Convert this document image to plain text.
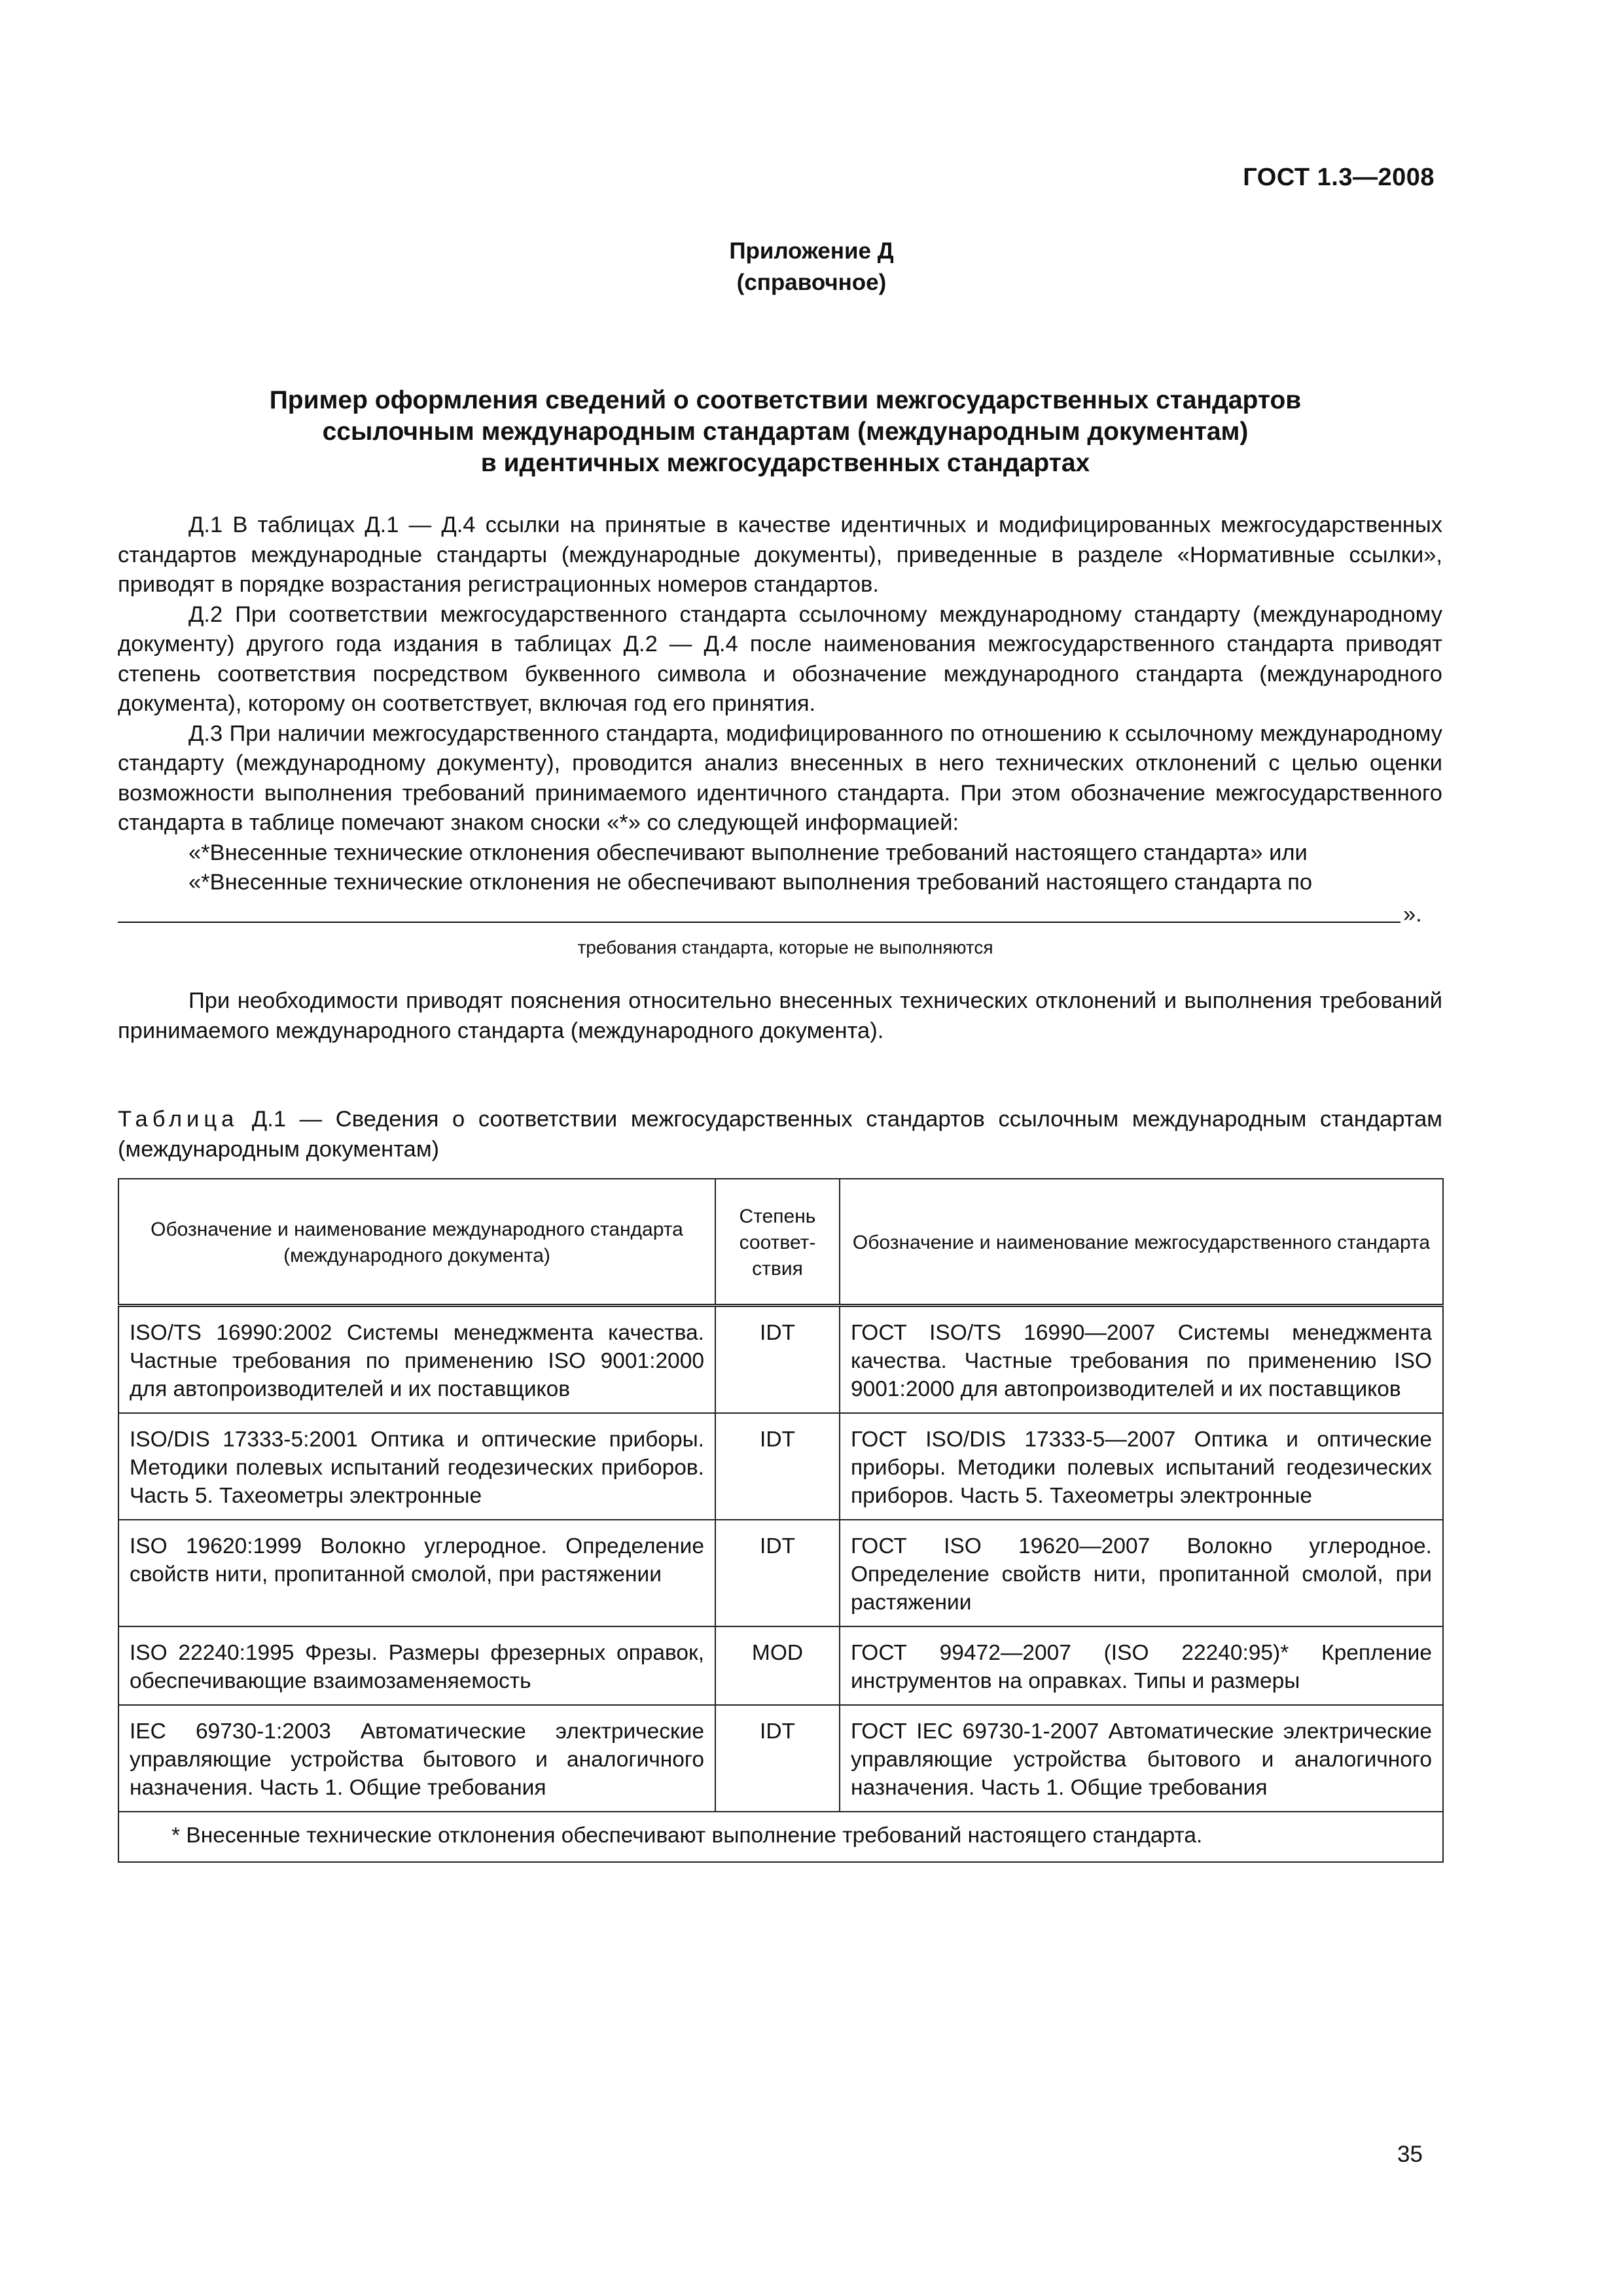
ГОСТ 1.3—2008
Приложение Д
(справочное)
Пример оформления сведений о соответствии межгосударственных стандартов
ссылочным международным стандартам (международным документам)
в идентичных межгосударственных стандартах

Д.1 В таблицах Д.1 — Д.4 ссылки на принятые в качестве идентичных и модифицированных межгосударственных стандартов международные стандарты (международные документы), приведенные в разделе «Нормативные ссылки», приводят в порядке возрастания регистрационных номеров стандартов.

Д.2 При соответствии межгосударственного стандарта ссылочному международному стандарту (международному документу) другого года издания в таблицах Д.2 — Д.4 после наименования межгосударственного стандарта приводят степень соответствия посредством буквенного символа и обозначение международного стандарта (международного документа), которому он соответствует, включая год его принятия.

Д.3 При наличии межгосударственного стандарта, модифицированного по отношению к ссылочному международному стандарту (международному документу), проводится анализ внесенных в него технических отклонений с целью оценки возможности выполнения требований принимаемого идентичного стандарта. При этом обозначение межгосударственного стандарта в таблице помечают знаком сноски «*» со следующей информацией:

«*Внесенные технические отклонения обеспечивают выполнение требований настоящего стандарта» или

«*Внесенные технические отклонения не обеспечивают выполнения требований настоящего стандарта по

».
требования стандарта, которые не выполняются

При необходимости приводят пояснения относительно внесенных технических отклонений и выполнения требований принимаемого международного стандарта (международного документа).

Таблица Д.1 — Сведения о соответствии межгосударственных стандартов ссылочным международным стандартам (международным документам)
Обозначение и наименование международного стандарта (международного документа)	Степень соответ-ствия	Обозначение и наименование межгосударственного стандарта
ISO/TS 16990:2002 Системы менеджмента качества. Частные требования по применению ISO 9001:2000 для автопроизводителей и их поставщиков	IDT	ГОСТ ISO/TS 16990—2007 Системы менеджмента качества. Частные требования по применению ISO 9001:2000 для автопроизводителей и их поставщиков
ISO/DIS 17333-5:2001 Оптика и оптические приборы. Методики полевых испытаний геодезических приборов. Часть 5. Тахеометры электронные	IDT	ГОСТ ISO/DIS 17333-5—2007 Оптика и оптические приборы. Методики полевых испытаний геодезических приборов. Часть 5. Тахеометры электронные
ISO 19620:1999 Волокно углеродное. Определение свойств нити, пропитанной смолой, при растяжении	IDT	ГОСТ ISO 19620—2007 Волокно углеродное. Определение свойств нити, пропитанной смолой, при растяжении
ISO 22240:1995 Фрезы. Размеры фрезерных оправок, обеспечивающие взаимозаменяемость	MOD	ГОСТ 99472—2007 (ISO 22240:95)* Крепление инструментов на оправках. Типы и размеры
IEC 69730-1:2003 Автоматические электрические управляющие устройства бытового и аналогичного назначения. Часть 1. Общие требования	IDT	ГОСТ IEC 69730-1-2007 Автоматические электрические управляющие устройства бытового и аналогичного назначения. Часть 1. Общие требования
* Внесенные технические отклонения обеспечивают выполнение требований настоящего стандарта.		
35
